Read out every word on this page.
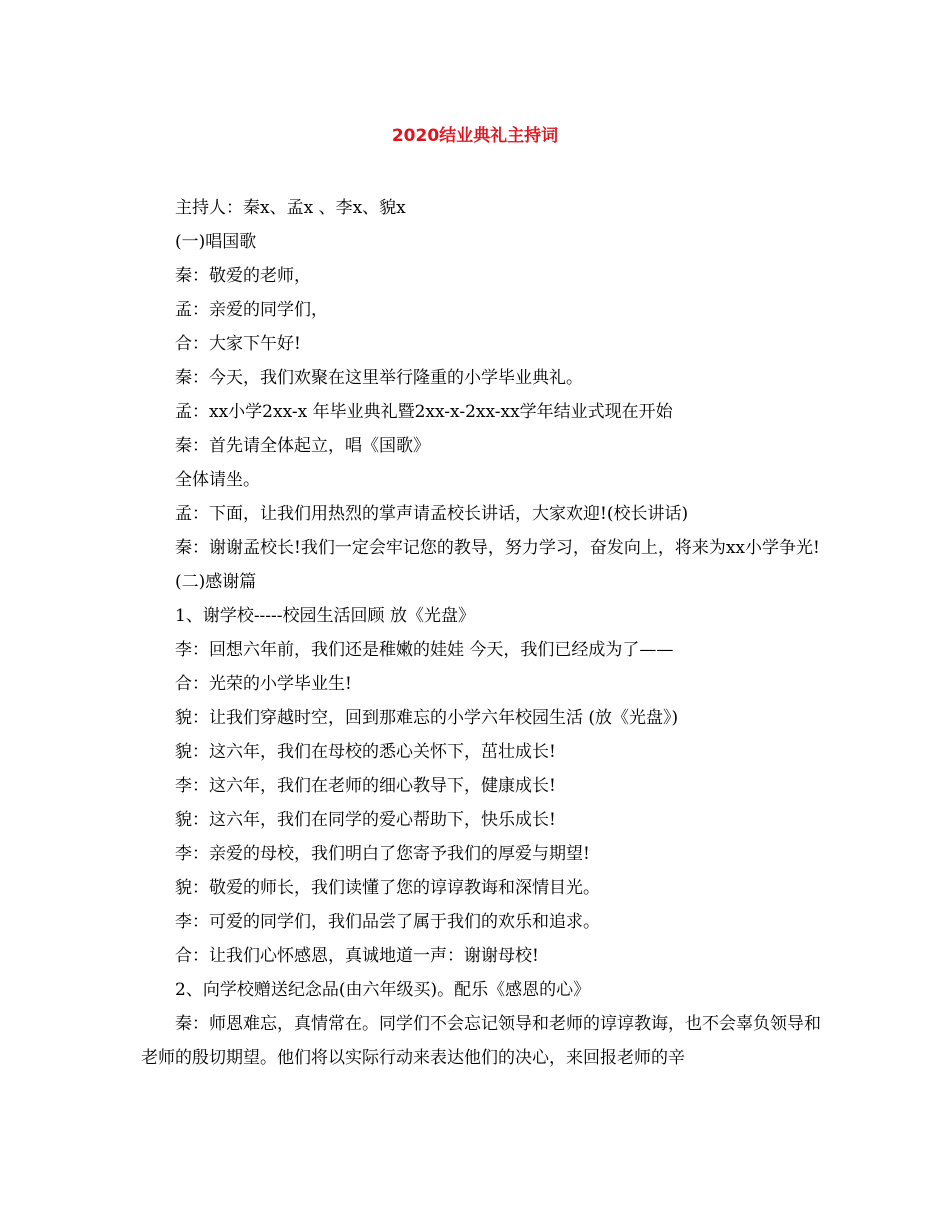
2020结业典礼主持词

主持人：秦x、孟x 、李x、貌x

(一)唱国歌

秦：敬爱的老师，

孟：亲爱的同学们，

合：大家下午好!

秦：今天，我们欢聚在这里举行隆重的小学毕业典礼。

孟：xx小学2xx-x 年毕业典礼暨2xx-x-2xx-xx学年结业式现在开始

秦：首先请全体起立，唱《国歌》

全体请坐。

孟：下面，让我们用热烈的掌声请孟校长讲话，大家欢迎!(校长讲话)

秦：谢谢孟校长!我们一定会牢记您的教导，努力学习，奋发向上，将来为xx小学争光!

(二)感谢篇

1、谢学校-----校园生活回顾 放《光盘》

李：回想六年前，我们还是稚嫩的娃娃 今天，我们已经成为了——

合：光荣的小学毕业生!

貌：让我们穿越时空，回到那难忘的小学六年校园生活 (放《光盘》)

貌：这六年，我们在母校的悉心关怀下，茁壮成长!

李：这六年，我们在老师的细心教导下，健康成长!

貌：这六年，我们在同学的爱心帮助下，快乐成长!

李：亲爱的母校，我们明白了您寄予我们的厚爱与期望!

貌：敬爱的师长，我们读懂了您的谆谆教诲和深情目光。

李：可爱的同学们，我们品尝了属于我们的欢乐和追求。

合：让我们心怀感恩，真诚地道一声：谢谢母校!

2、向学校赠送纪念品(由六年级买)。配乐《感恩的心》

秦：师恩难忘，真情常在。同学们不会忘记领导和老师的谆谆教诲，也不会辜负领导和老师的殷切期望。他们将以实际行动来表达他们的决心，来回报老师的辛
